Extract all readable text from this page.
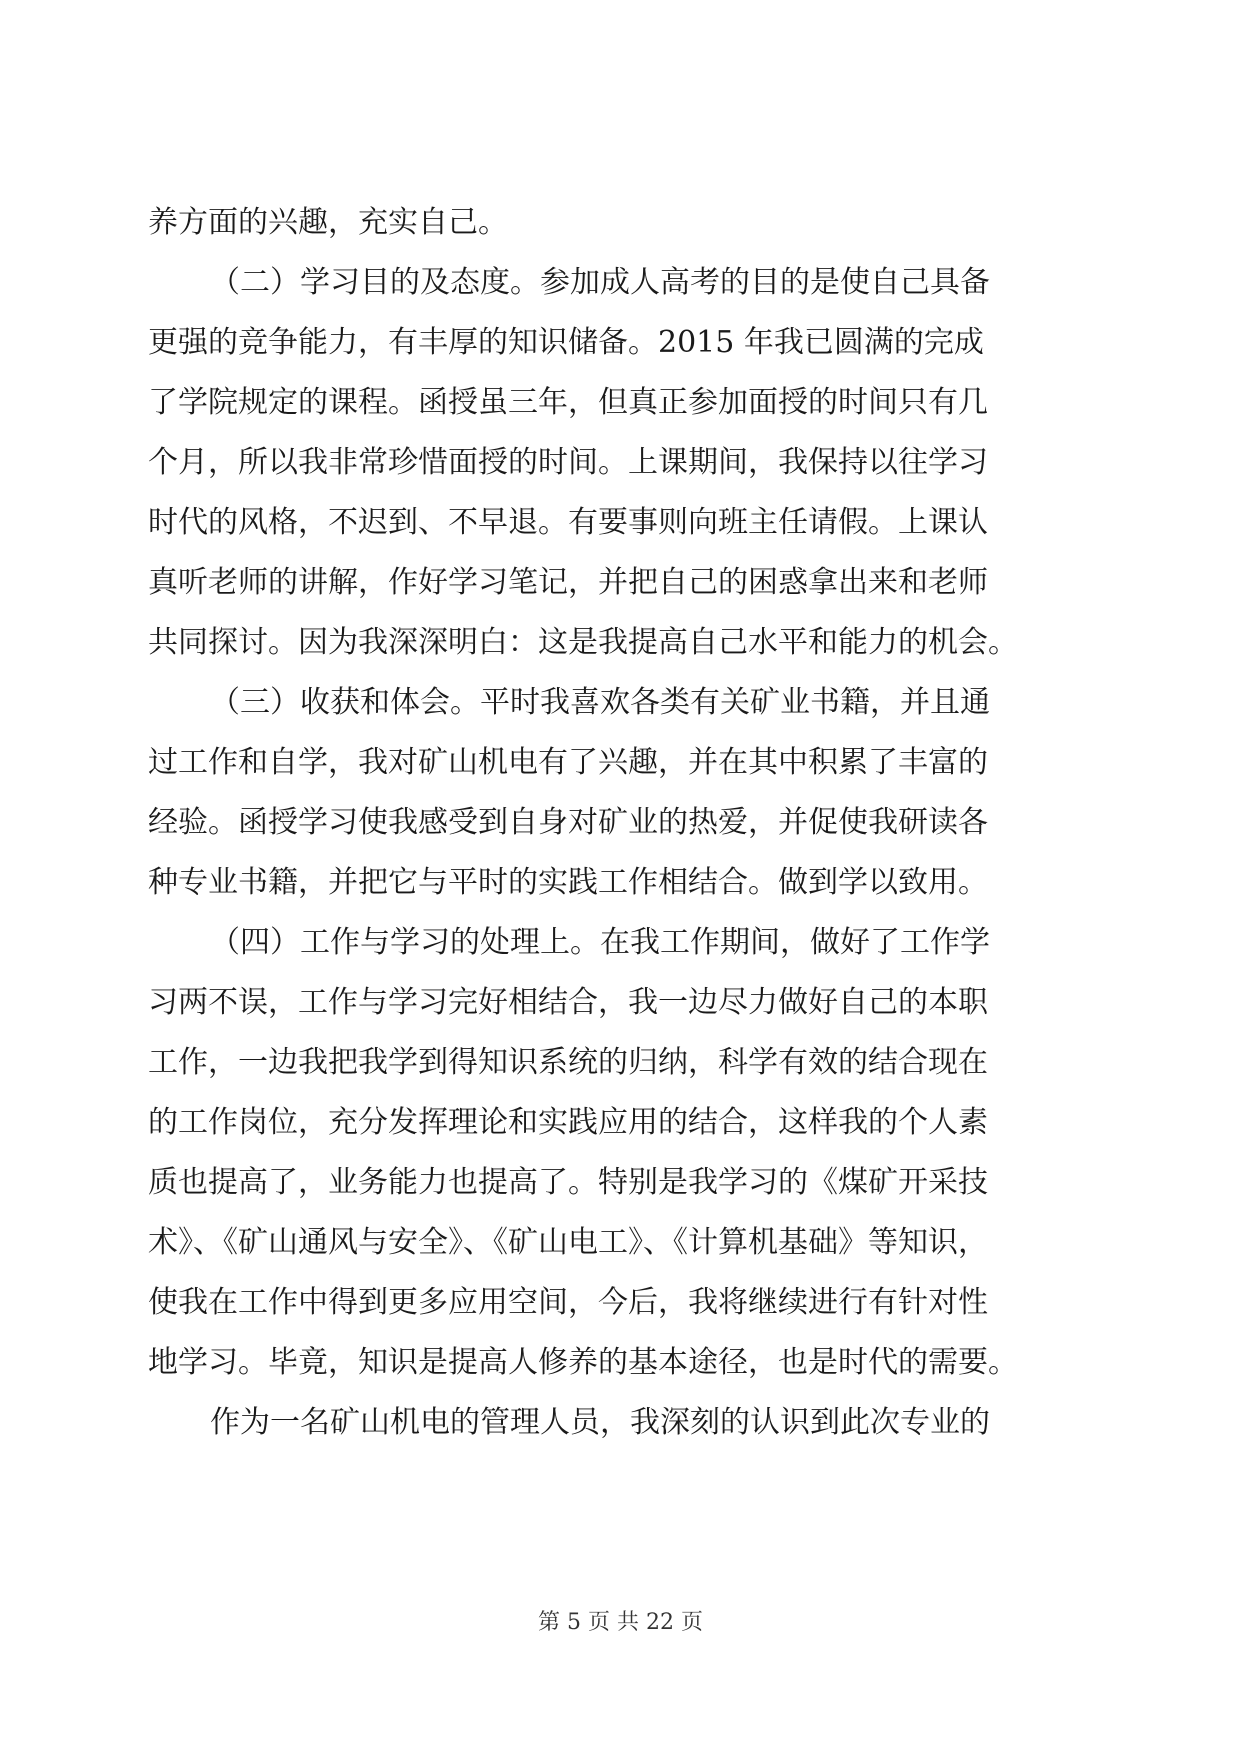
养方面的兴趣，充实自己。
（二）学习目的及态度。参加成人高考的目的是使自己具备
更强的竞争能力，有丰厚的知识储备。2015 年我已圆满的完成
了学院规定的课程。函授虽三年，但真正参加面授的时间只有几
个月，所以我非常珍惜面授的时间。上课期间，我保持以往学习
时代的风格，不迟到、不早退。有要事则向班主任请假。上课认
真听老师的讲解，作好学习笔记，并把自己的困惑拿出来和老师
共同探讨。因为我深深明白：这是我提高自己水平和能力的机会。
（三）收获和体会。平时我喜欢各类有关矿业书籍，并且通
过工作和自学，我对矿山机电有了兴趣，并在其中积累了丰富的
经验。函授学习使我感受到自身对矿业的热爱，并促使我研读各
种专业书籍，并把它与平时的实践工作相结合。做到学以致用。
（四）工作与学习的处理上。在我工作期间，做好了工作学
习两不误，工作与学习完好相结合，我一边尽力做好自己的本职
工作，一边我把我学到得知识系统的归纳，科学有效的结合现在
的工作岗位，充分发挥理论和实践应用的结合，这样我的个人素
质也提高了，业务能力也提高了。特别是我学习的《煤矿开采技
术》、《矿山通风与安全》、《矿山电工》、《计算机基础》等知识，
使我在工作中得到更多应用空间，今后，我将继续进行有针对性
地学习。毕竟，知识是提高人修养的基本途径，也是时代的需要。
作为一名矿山机电的管理人员，我深刻的认识到此次专业的
第 5 页 共 22 页
